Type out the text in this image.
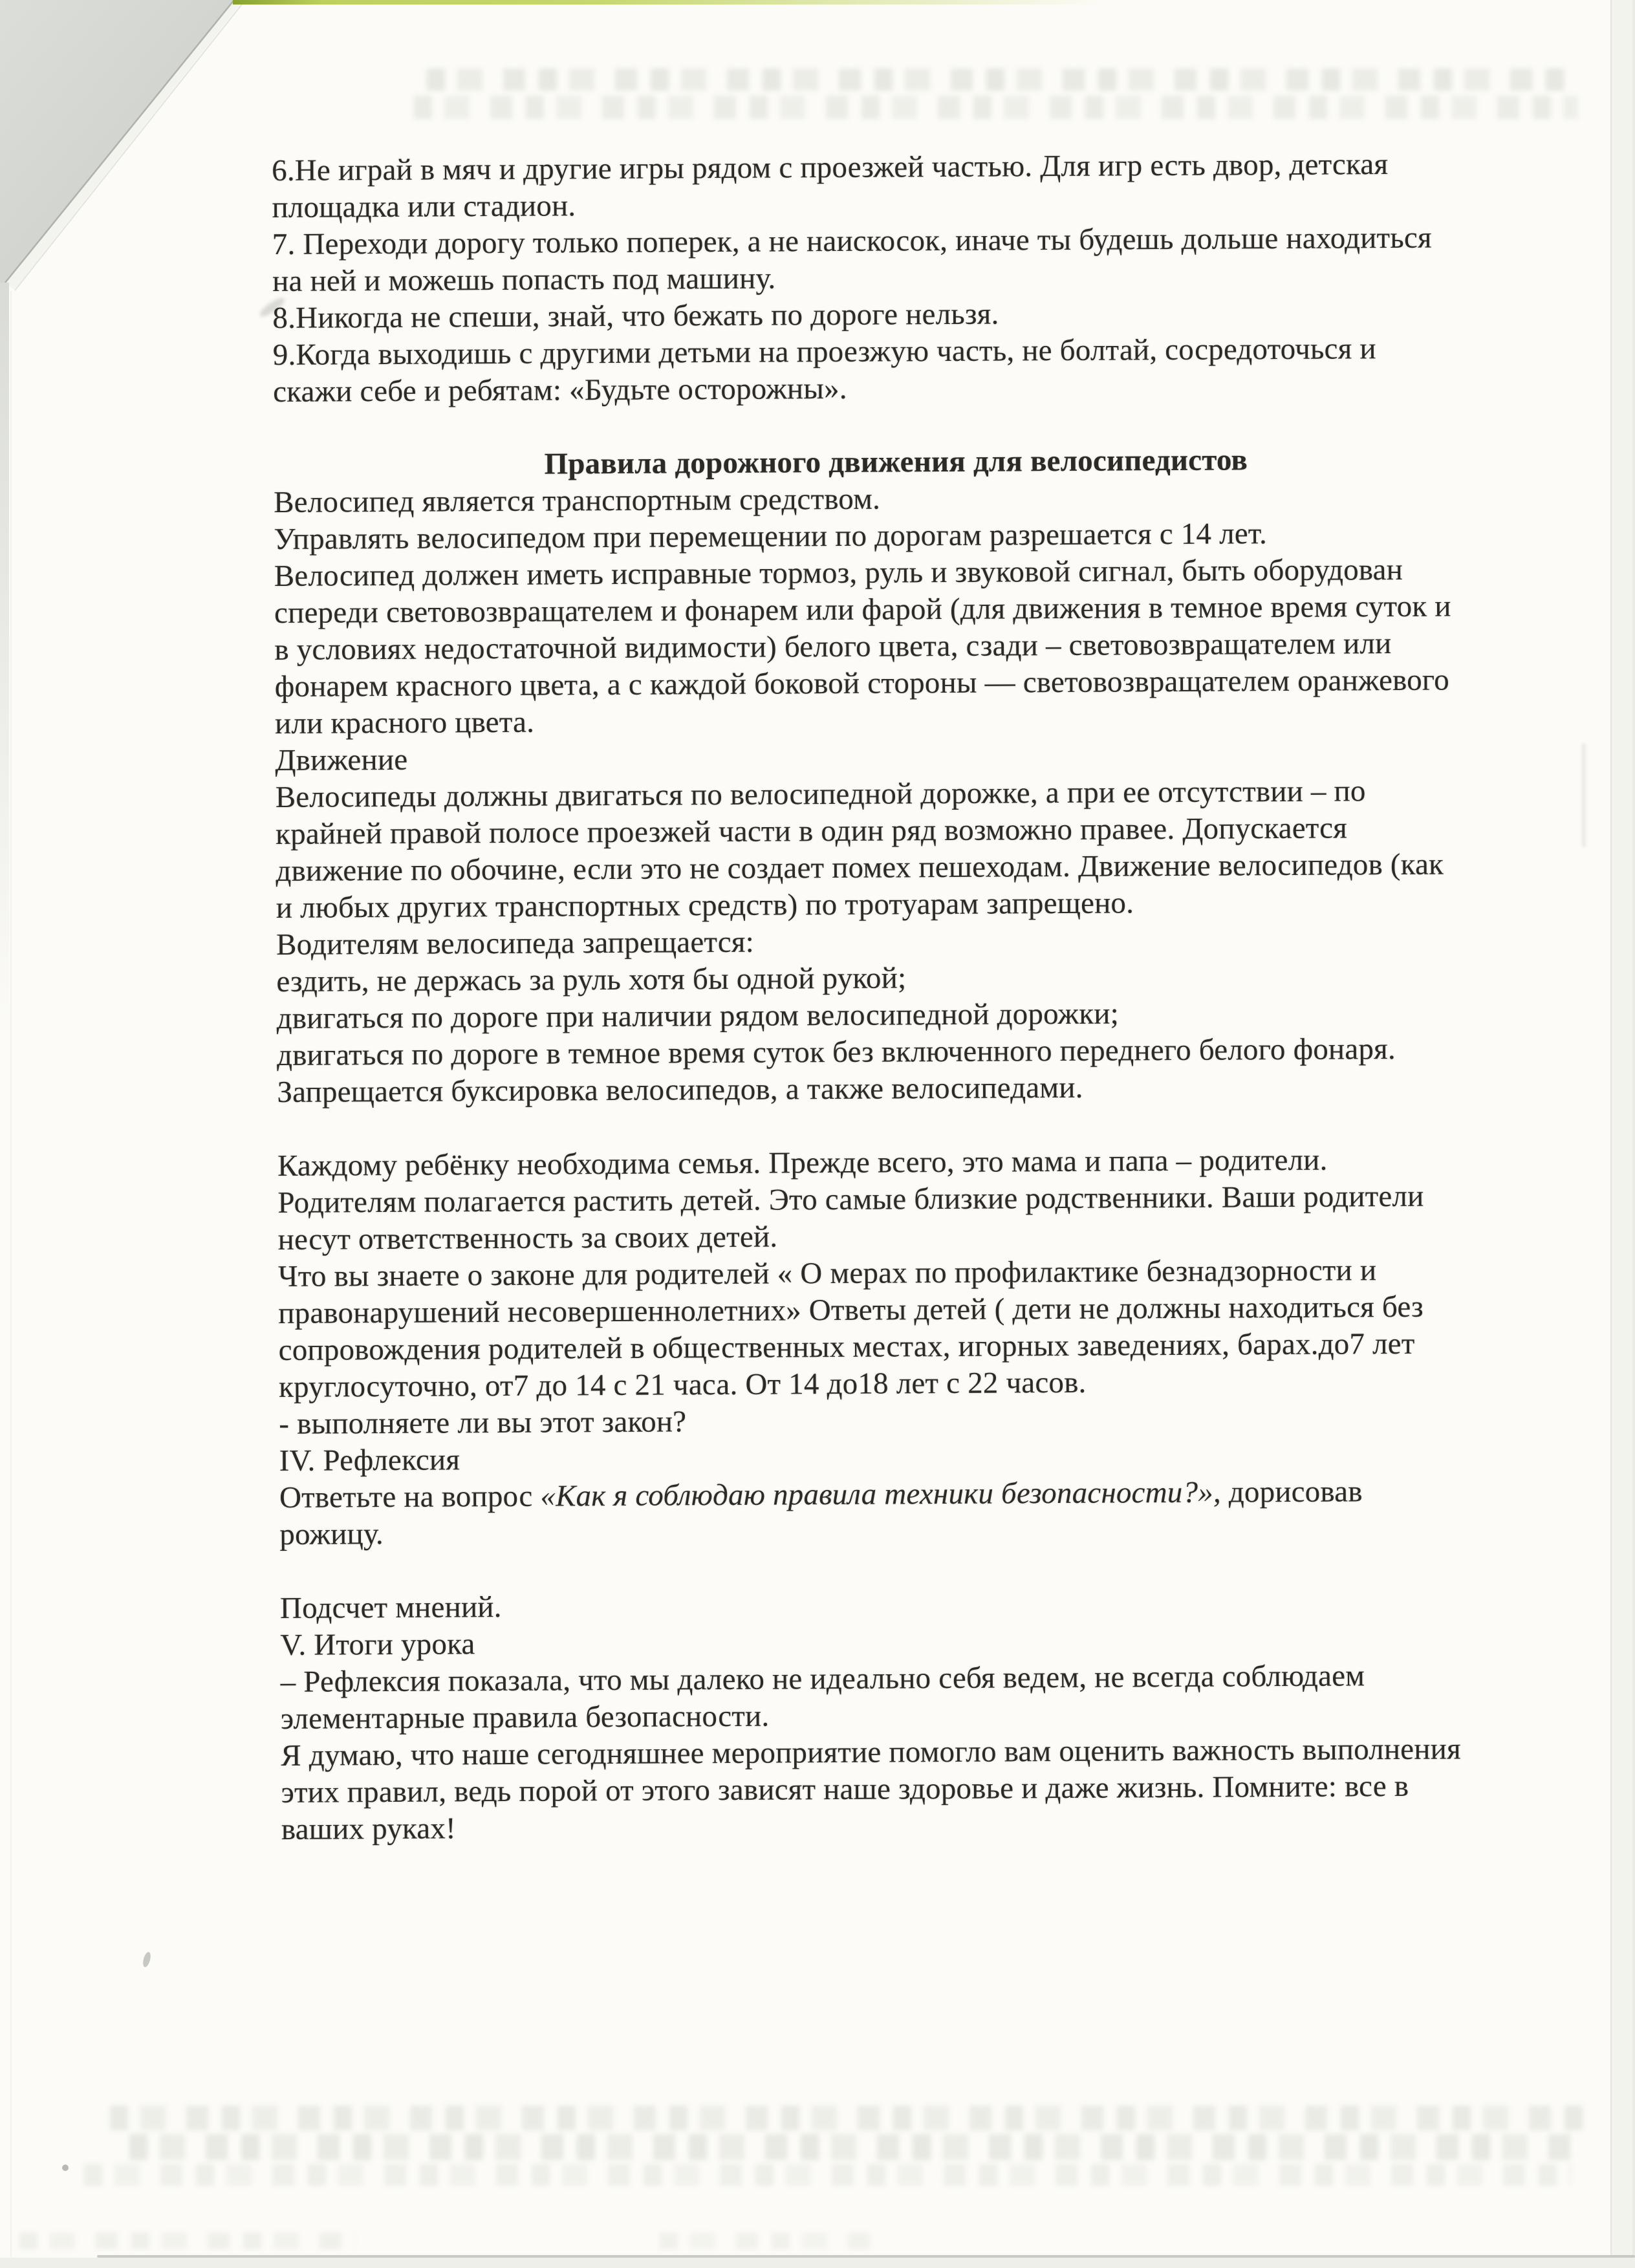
6.Не играй в мяч и другие игры рядом с проезжей частью. Для игр есть двор, детская
площадка или стадион.
7. Переходи дорогу только поперек, а не наискосок, иначе ты будешь дольше находиться
на ней и можешь попасть под машину.
8.Никогда не спеши, знай, что бежать по дороге нельзя.
9.Когда выходишь с другими детьми на проезжую часть, не болтай, сосредоточься и
скажи себе и ребятам: «Будьте осторожны».
Правила дорожного движения для велосипедистов
Велосипед является транспортным средством.
Управлять велосипедом при перемещении по дорогам разрешается с 14 лет.
Велосипед должен иметь исправные тормоз, руль и звуковой сигнал, быть оборудован
спереди световозвращателем и фонарем или фарой (для движения в темное время суток и
в условиях недостаточной видимости) белого цвета, сзади – световозвращателем или
фонарем красного цвета, а с каждой боковой стороны — световозвращателем оранжевого
или красного цвета.
Движение
Велосипеды должны двигаться по велосипедной дорожке, а при ее отсутствии – по
крайней правой полосе проезжей части в один ряд возможно правее. Допускается
движение по обочине, если это не создает помех пешеходам. Движение велосипедов (как
и любых других транспортных средств) по тротуарам запрещено.
Водителям велосипеда запрещается:
ездить, не держась за руль хотя бы одной рукой;
двигаться по дороге при наличии рядом велосипедной дорожки;
двигаться по дороге в темное время суток без включенного переднего белого фонаря.
Запрещается буксировка велосипедов, а также велосипедами.
Каждому ребёнку необходима семья. Прежде всего, это мама и папа – родители.
Родителям полагается растить детей. Это самые близкие родственники. Ваши родители
несут ответственность за своих детей.
Что вы знаете о законе для родителей « О мерах по профилактике безнадзорности и
правонарушений несовершеннолетних» Ответы детей ( дети не должны находиться без
сопровождения родителей в общественных местах, игорных заведениях, барах.до7 лет
круглосуточно, от7 до 14 с 21 часа. От 14 до18 лет с 22 часов.
- выполняете ли вы этот закон?
IV. Рефлексия
Ответьте на вопрос «Как я соблюдаю правила техники безопасности?», дорисовав
рожицу.
Подсчет мнений.
V. Итоги урока
– Рефлексия показала, что мы далеко не идеально себя ведем, не всегда соблюдаем
элементарные правила безопасности.
Я думаю, что наше сегодняшнее мероприятие помогло вам оценить важность выполнения
этих правил, ведь порой от этого зависят наше здоровье и даже жизнь. Помните: все в
ваших руках!
